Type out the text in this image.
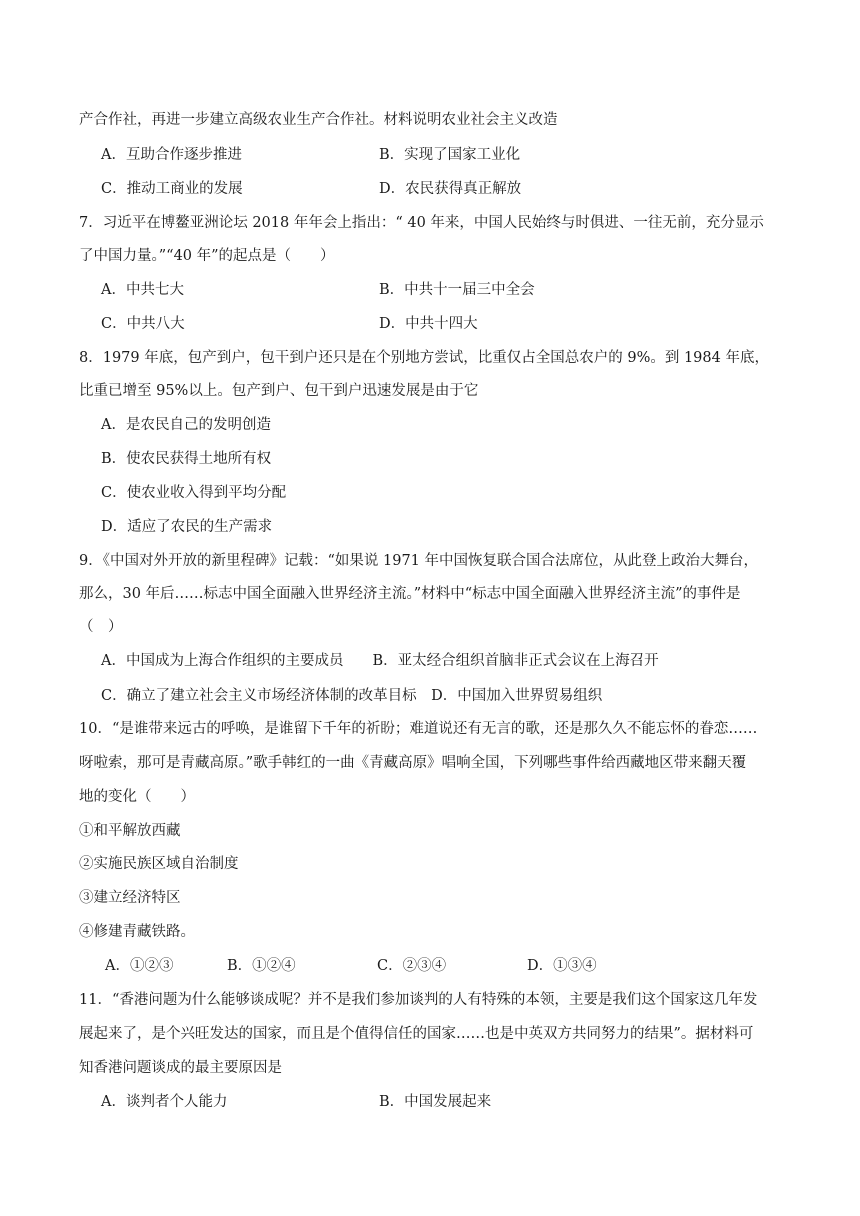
产合作社，再进一步建立高级农业生产合作社。材料说明农业社会主义改造
A．互助合作逐步推进	B．实现了国家工业化
C．推动工商业的发展	D．农民获得真正解放
7．习近平在博鳌亚洲论坛 2018 年年会上指出：“ 40 年来，中国人民始终与时俱进、一往无前，充分显示
了中国力量。”“40 年”的起点是（　　）
A．中共七大	B．中共十一届三中全会
C．中共八大	D．中共十四大
8．1979 年底，包产到户，包干到户还只是在个别地方尝试，比重仅占全国总农户的 9%。到 1984 年底，
比重已增至 95%以上。包产到户、包干到户迅速发展是由于它
A．是农民自己的发明创造
B．使农民获得土地所有权
C．使农业收入得到平均分配
D．适应了农民的生产需求
9．《中国对外开放的新里程碑》记载：“如果说 1971 年中国恢复联合国合法席位，从此登上政治大舞台，
那么，30 年后……标志中国全面融入世界经济主流。”材料中“标志中国全面融入世界经济主流”的事件是
（　）
A．中国成为上海合作组织的主要成员　　B．亚太经合组织首脑非正式会议在上海召开
C．确立了建立社会主义市场经济体制的改革目标　D．中国加入世界贸易组织
10．“是谁带来远古的呼唤，是谁留下千年的祈盼；难道说还有无言的歌，还是那久久不能忘怀的眷恋……
呀啦索，那可是青藏高原。”歌手韩红的一曲《青藏高原》唱响全国，下列哪些事件给西藏地区带来翻天覆
地的变化（　　）
①和平解放西藏
②实施民族区域自治制度
③建立经济特区
④修建青藏铁路。
A．①②③	B．①②④	C．②③④	D．①③④
11．“香港问题为什么能够谈成呢？并不是我们参加谈判的人有特殊的本领，主要是我们这个国家这几年发
展起来了，是个兴旺发达的国家，而且是个值得信任的国家……也是中英双方共同努力的结果”。据材料可
知香港问题谈成的最主要原因是
A．谈判者个人能力	B．中国发展起来
